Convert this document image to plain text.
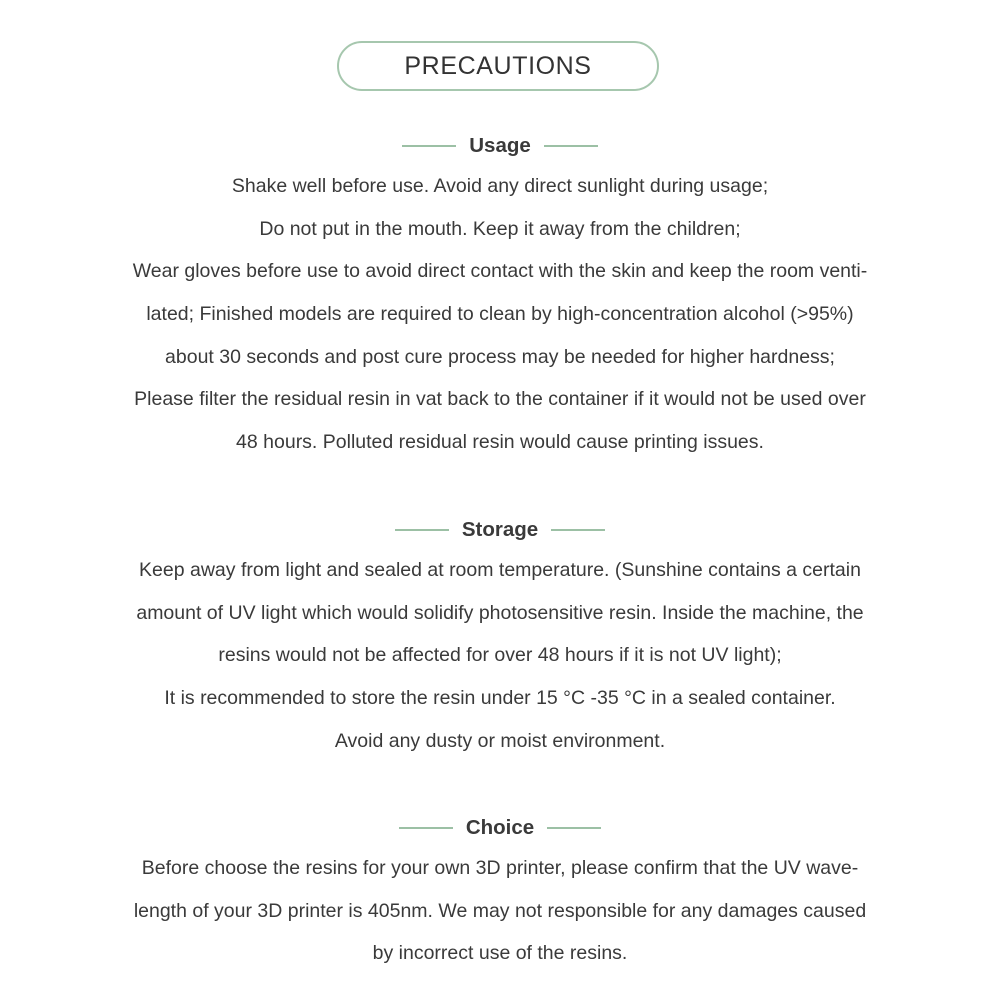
PRECAUTIONS
Usage
Shake well before use. Avoid any direct sunlight during usage;
Do not put in the mouth. Keep it away from the children;
Wear gloves before use to avoid direct contact with the skin and keep the room venti-
lated; Finished models are required to clean by high-concentration alcohol (>95%)
about 30 seconds and post cure process may be needed for higher hardness;
Please filter the residual resin in vat back to the container if it would not be used over
48 hours. Polluted residual resin would cause printing issues.
Storage
Keep away from light and sealed at room temperature. (Sunshine contains a certain
amount of UV light which would solidify photosensitive resin. Inside the machine, the
resins would not be affected for over 48 hours if it is not UV light);
It is recommended to store the resin under 15 °C -35 °C in a sealed container.
Avoid any dusty or moist environment.
Choice
Before choose the resins for your own 3D printer, please confirm that the UV wave-
length of your 3D printer is 405nm. We may not responsible for any damages caused
by incorrect use of the resins.
